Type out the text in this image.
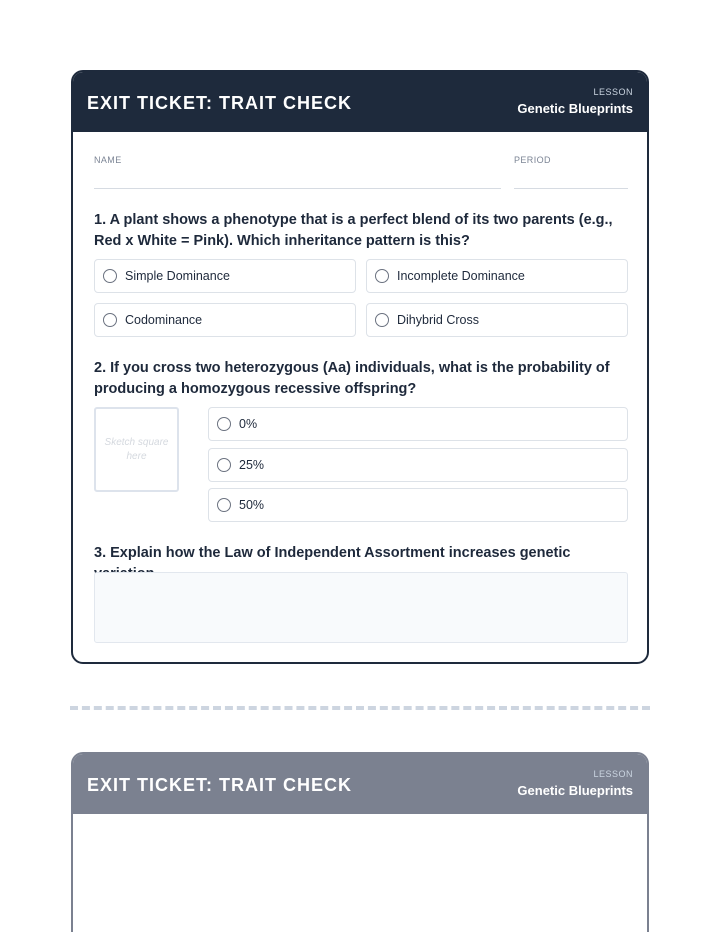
EXIT TICKET: TRAIT CHECK
LESSON
Genetic Blueprints
NAME	PERIOD
1. A plant shows a phenotype that is a perfect blend of its two parents (e.g., Red x White = Pink). Which inheritance pattern is this?
Simple Dominance	Incomplete Dominance
Codominance	Dihybrid Cross
2. If you cross two heterozygous (Aa) individuals, what is the probability of producing a homozygous recessive offspring?
Sketch square here
0%
25%
50%
3. Explain how the Law of Independent Assortment increases genetic
EXIT TICKET: TRAIT CHECK
LESSON
Genetic Blueprints
